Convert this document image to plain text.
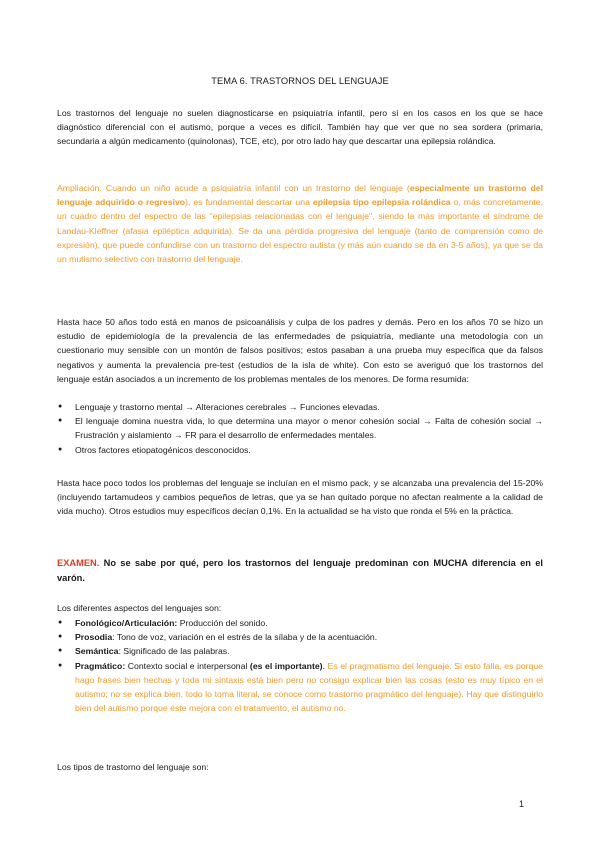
TEMA 6. TRASTORNOS DEL LENGUAJE

Los trastornos del lenguaje no suelen diagnosticarse en psiquiatría infantil, pero sí en los casos en los que se hace diagnóstico diferencial con el autismo, porque a veces es difícil. También hay que ver que no sea sordera (primaria, secundaria a algún medicamento (quinolonas), TCE, etc), por otro lado hay que descartar una epilepsia rolándica.

Ampliación. Cuando un niño acude a psiquiatría infantil con un trastorno del lenguaje (especialmente un trastorno del lenguaje adquirido o regresivo), es fundamental descartar una epilepsia tipo epilepsia rolándica o, más concretamente, un cuadro dentro del espectro de las "epilepsias relacionadas con el lenguaje", siendo la más importante el síndrome de Landau-Kleffner (afasia epiléptica adquirida). Se da una pérdida progresiva del lenguaje (tanto de comprensión como de expresión), que puede confundirse con un trastorno del espectro autista (y más aún cuando se da en 3-5 años), ya que se da un mutismo selectivo con trastorno del lenguaje.

Hasta hace 50 años todo está en manos de psicoanálisis y culpa de los padres y demás. Pero en los años 70 se hizo un estudio de epidemiología de la prevalencia de las enfermedades de psiquiatría, mediante una metodología con un cuestionario muy sensible con un montón de falsos positivos; estos pasaban a una prueba muy específica que da falsos negativos y aumenta la prevalencia pre-test (estudios de la isla de white). Con esto se averiguó que los trastornos del lenguaje están asociados a un incremento de los problemas mentales de los menores. De forma resumida:

● Lenguaje y trastorno mental → Alteraciones cerebrales → Funciones elevadas.
● El lenguaje domina nuestra vida, lo que determina una mayor o menor cohesión social → Falta de cohesión social → Frustración y aislamiento → FR para el desarrollo de enfermedades mentales.
● Otros factores etiopatogénicos desconocidos.

Hasta hace poco todos los problemas del lenguaje se incluían en el mismo pack, y se alcanzaba una prevalencia del 15-20% (incluyendo tartamudeos y cambios pequeños de letras, que ya se han quitado porque no afectan realmente a la calidad de vida mucho). Otros estudios muy específicos decían 0,1%. En la actualidad se ha visto que ronda el 5% en la práctica.

EXAMEN. No se sabe por qué, pero los trastornos del lenguaje predominan con MUCHA diferencia en el varón.

Los diferentes aspectos del lenguajes son:

● Fonológico/Articulación: Producción del sonido.
● Prosodia: Tono de voz, variación en el estrés de la sílaba y de la acentuación.
● Semántica: Significado de las palabras.
● Pragmático: Contexto social e interpersonal (es el importante). Es el pragmatismo del lenguaje. Si esto falla, es porque hago frases bien hechas y toda mi sintaxis está bien pero no consigo explicar bien las cosas (esto es muy típico en el autismo; no se explica bien, todo lo toma literal, se conoce como trastorno pragmático del lenguaje). Hay que distinguirlo bien del autismo porque éste mejora con el tratamiento, el autismo no.

Los tipos de trastorno del lenguaje son:

1
